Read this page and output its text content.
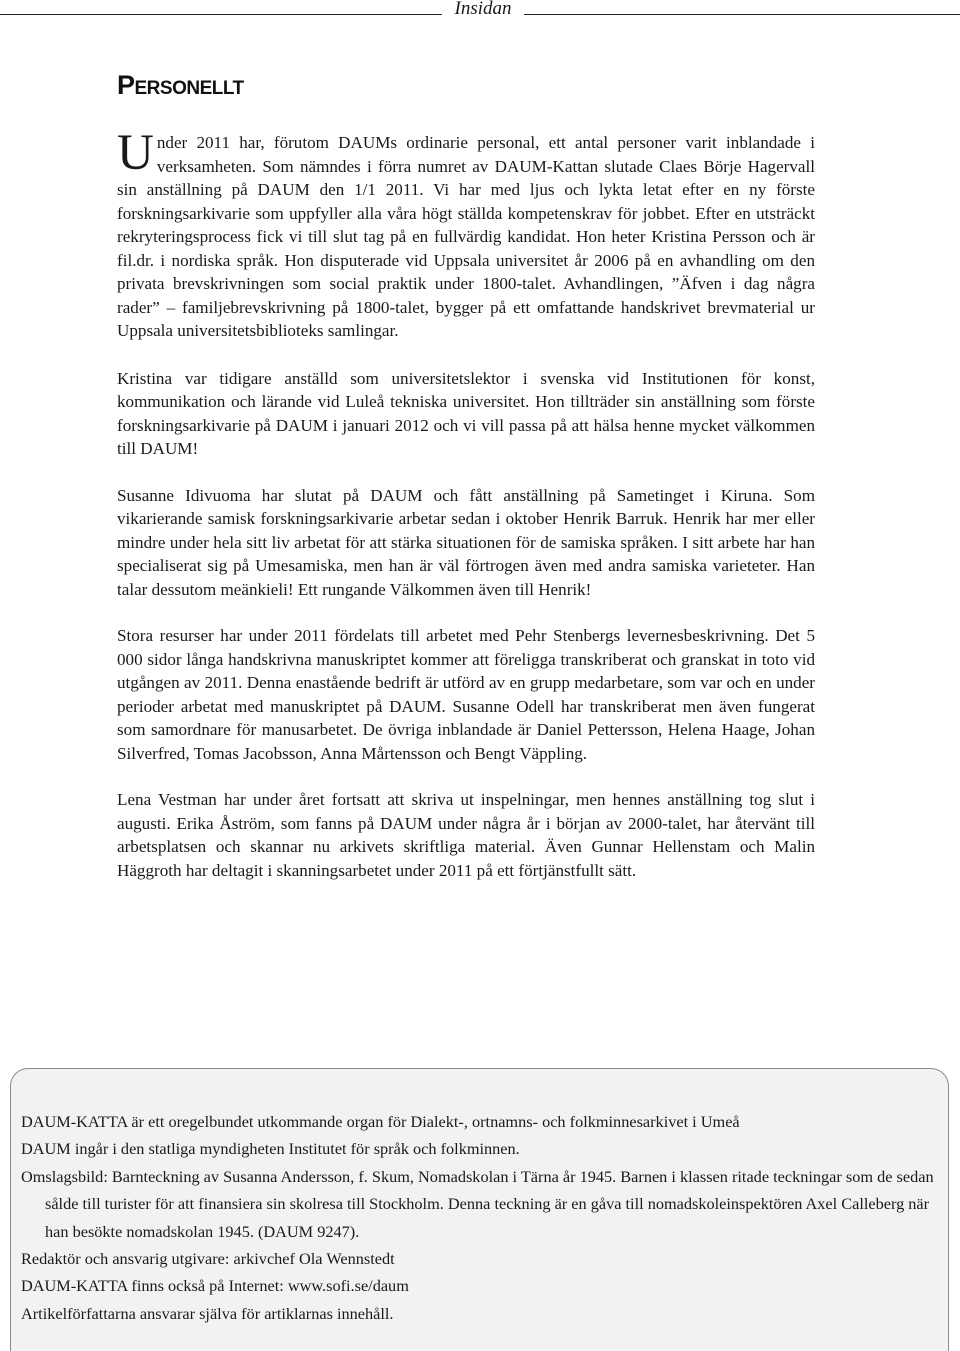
Insidan
Personellt

Under 2011 har, förutom DAUMs ordinarie personal, ett antal personer varit inblandade i verksamheten. Som nämndes i förra numret av DAUM-Kattan slutade Claes Börje Hagervall sin anställning på DAUM den 1/1 2011. Vi har med ljus och lykta letat efter en ny förste forskningsarkivarie som uppfyller alla våra högt ställda kompetenskrav för jobbet. Efter en utsträckt rekryteringsprocess fick vi till slut tag på en fullvärdig kandidat. Hon heter Kristina Persson och är fil.dr. i nordiska språk. Hon disputerade vid Uppsala universitet år 2006 på en avhandling om den privata brevskrivningen som social praktik under 1800-talet. Avhandlingen, ”Äfven i dag några rader” – familjebrevskrivning på 1800-talet, bygger på ett omfattande handskrivet brevmaterial ur Uppsala universitetsbiblioteks samlingar.

Kristina var tidigare anställd som universitetslektor i svenska vid Institutionen för konst, kommunikation och lärande vid Luleå tekniska universitet. Hon tillträder sin anställning som förste forskningsarkivarie på DAUM i januari 2012 och vi vill passa på att hälsa henne mycket välkommen till DAUM!

Susanne Idivuoma har slutat på DAUM och fått anställning på Sametinget i Kiruna. Som vikarierande samisk forskningsarkivarie arbetar sedan i oktober Henrik Barruk. Henrik har mer eller mindre under hela sitt liv arbetat för att stärka situationen för de samiska språken. I sitt arbete har han specialiserat sig på Umesamiska, men han är väl förtrogen även med andra samiska varieteter. Han talar dessutom meänkieli! Ett rungande Välkommen även till Henrik!

Stora resurser har under 2011 fördelats till arbetet med Pehr Stenbergs levernesbeskrivning. Det 5 000 sidor långa handskrivna manuskriptet kommer att föreligga transkriberat och granskat in toto vid utgången av 2011. Denna enastående bedrift är utförd av en grupp medarbetare, som var och en under perioder arbetat med manuskriptet på DAUM. Susanne Odell har transkriberat men även fungerat som samordnare för manusarbetet. De övriga inblandade är Daniel Pettersson, Helena Haage, Johan Silverfred, Tomas Jacobsson, Anna Mårtensson och Bengt Väppling.

Lena Vestman har under året fortsatt att skriva ut inspelningar, men hennes anställning tog slut i augusti. Erika Åström, som fanns på DAUM under några år i början av 2000-talet, har återvänt till arbetsplatsen och skannar nu arkivets skriftliga material. Även Gunnar Hellenstam och Malin Häggroth har deltagit i skanningsarbetet under 2011 på ett förtjänstfullt sätt.

DAUM-KATTA är ett oregelbundet utkommande organ för Dialekt-, ortnamns- och folkminnesarkivet i Umeå

DAUM ingår i den statliga myndigheten Institutet för språk och folkminnen.

Omslagsbild: Barnteckning av Susanna Andersson, f. Skum, Nomadskolan i Tärna år 1945. Barnen i klassen ritade teckningar som de sedan sålde till turister för att finansiera sin skolresa till Stockholm. Denna teckning är en gåva till nomadskoleinspektören Axel Calleberg när han besökte nomadskolan 1945. (DAUM 9247).

Redaktör och ansvarig utgivare: arkivchef Ola Wennstedt

DAUM-KATTA finns också på Internet: www.sofi.se/daum

Artikelförfattarna ansvarar själva för artiklarnas innehåll.
